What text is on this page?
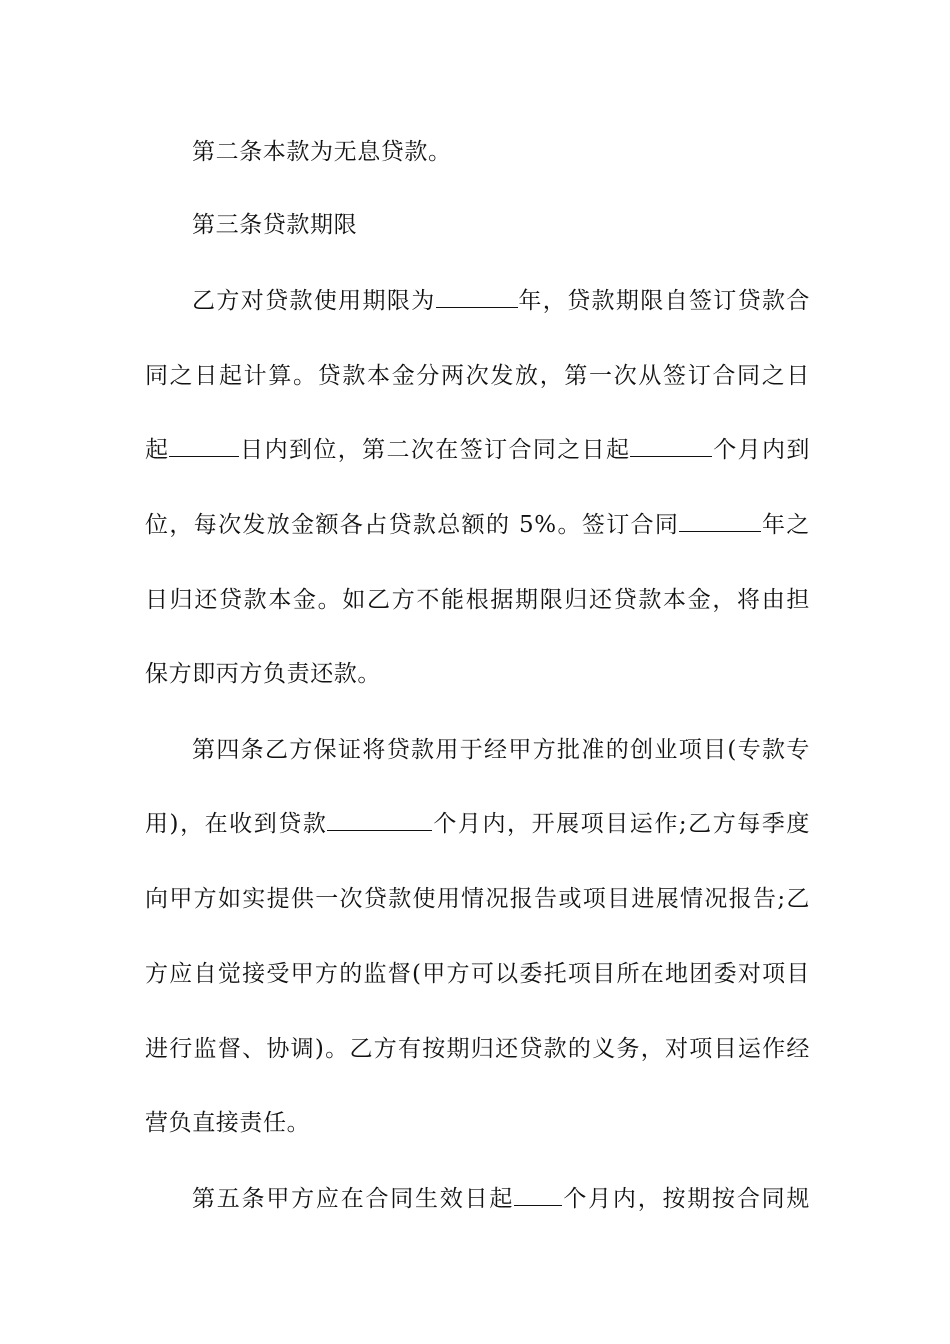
第二条本款为无息贷款。
第三条贷款期限
乙方对贷款使用期限为	年，贷款期限自签订贷款合
同之日起计算。贷款本金分两次发放，第一次从签订合同之日
起	日内到位，第二次在签订合同之日起	个月内到
位，每次发放金额各占贷款总额的 5%。签订合同	年之
日归还贷款本金。如乙方不能根据期限归还贷款本金，将由担
保方即丙方负责还款。
第四条乙方保证将贷款用于经甲方批准的创业项目(专款专
用)，在收到贷款	个月内，开展项目运作;乙方每季度
向甲方如实提供一次贷款使用情况报告或项目进展情况报告;乙
方应自觉接受甲方的监督(甲方可以委托项目所在地团委对项目
进行监督、协调)。乙方有按期归还贷款的义务，对项目运作经
营负直接责任。
第五条甲方应在合同生效日起 个月内，按期按合同规
